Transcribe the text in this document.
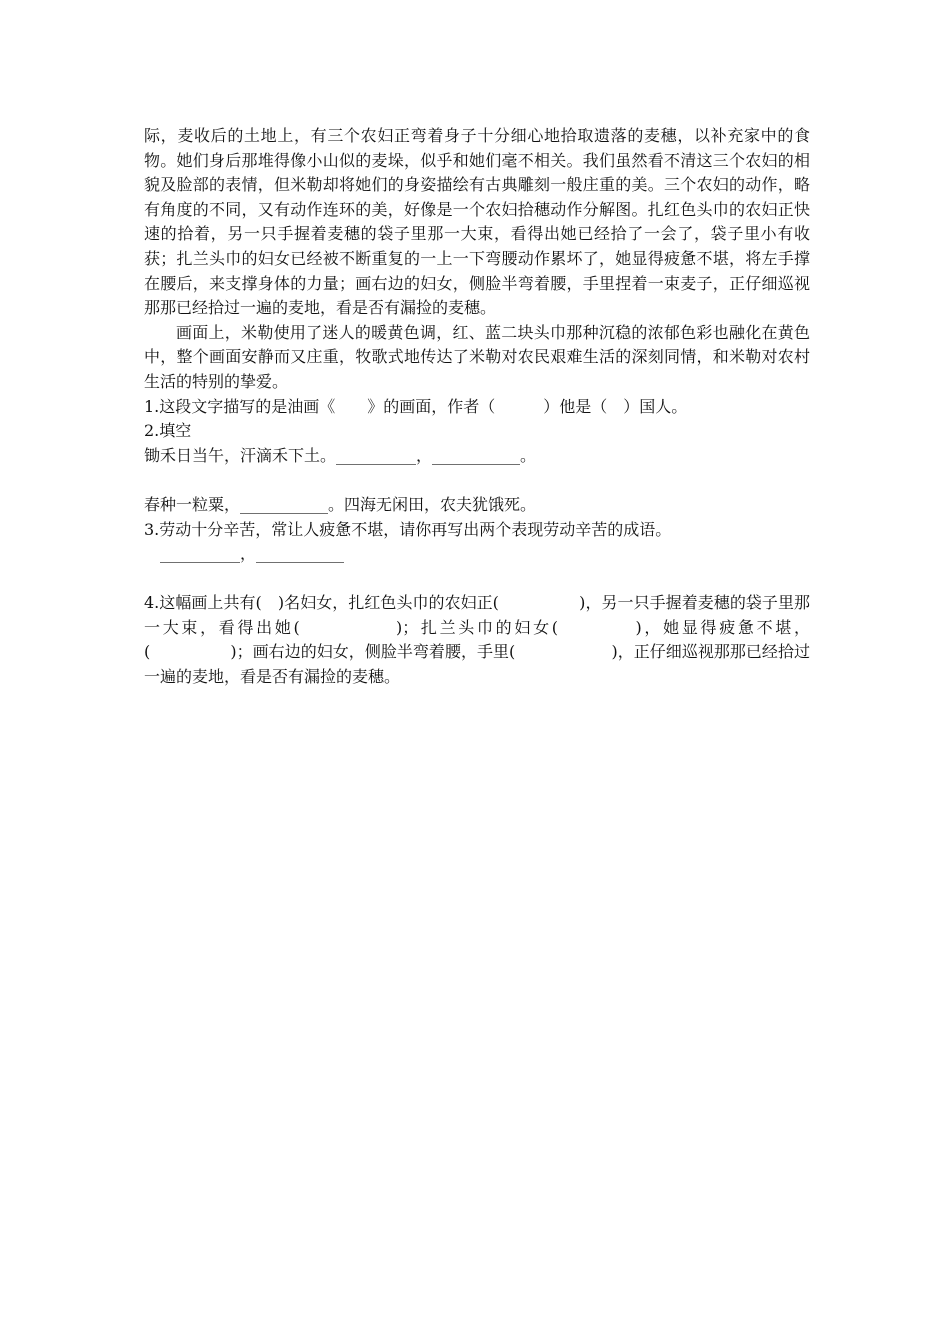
际，麦收后的土地上，有三个农妇正弯着身子十分细心地拾取遗落的麦穗，以补充家中的食物。她们身后那堆得像小山似的麦垛，似乎和她们毫不相关。我们虽然看不清这三个农妇的相貌及脸部的表情，但米勒却将她们的身姿描绘有古典雕刻一般庄重的美。三个农妇的动作，略有角度的不同，又有动作连环的美，好像是一个农妇拾穗动作分解图。扎红色头巾的农妇正快速的拾着，另一只手握着麦穗的袋子里那一大束，看得出她已经拾了一会了，袋子里小有收获；扎兰头巾的妇女已经被不断重复的一上一下弯腰动作累坏了，她显得疲惫不堪，将左手撑在腰后，来支撑身体的力量；画右边的妇女，侧脸半弯着腰，手里捏着一束麦子，正仔细巡视那那已经拾过一遍的麦地，看是否有漏捡的麦穗。

画面上，米勒使用了迷人的暖黄色调，红、蓝二块头巾那种沉稳的浓郁色彩也融化在黄色中，整个画面安静而又庄重，牧歌式地传达了米勒对农民艰难生活的深刻同情，和米勒对农村生活的特别的挚爱。

1.这段文字描写的是油画《　　》的画面，作者（　　　）他是（　）国人。

2.填空

锄禾日当午，汗滴禾下土。__________，___________。

春种一粒粟，___________。四海无闲田，农夫犹饿死。

3.劳动十分辛苦，常让人疲惫不堪，请你再写出两个表现劳动辛苦的成语。

__________，___________

4.这幅画上共有(　)名妇女，扎红色头巾的农妇正(　　　　　)，另一只手握着麦穗的袋子里那一大束，看得出她(　　　　　)；扎兰头巾的妇女(　　　　)，她显得疲惫不堪，(　　　　　)；画右边的妇女，侧脸半弯着腰，手里(　　　　　　)，正仔细巡视那那已经拾过一遍的麦地，看是否有漏捡的麦穗。
